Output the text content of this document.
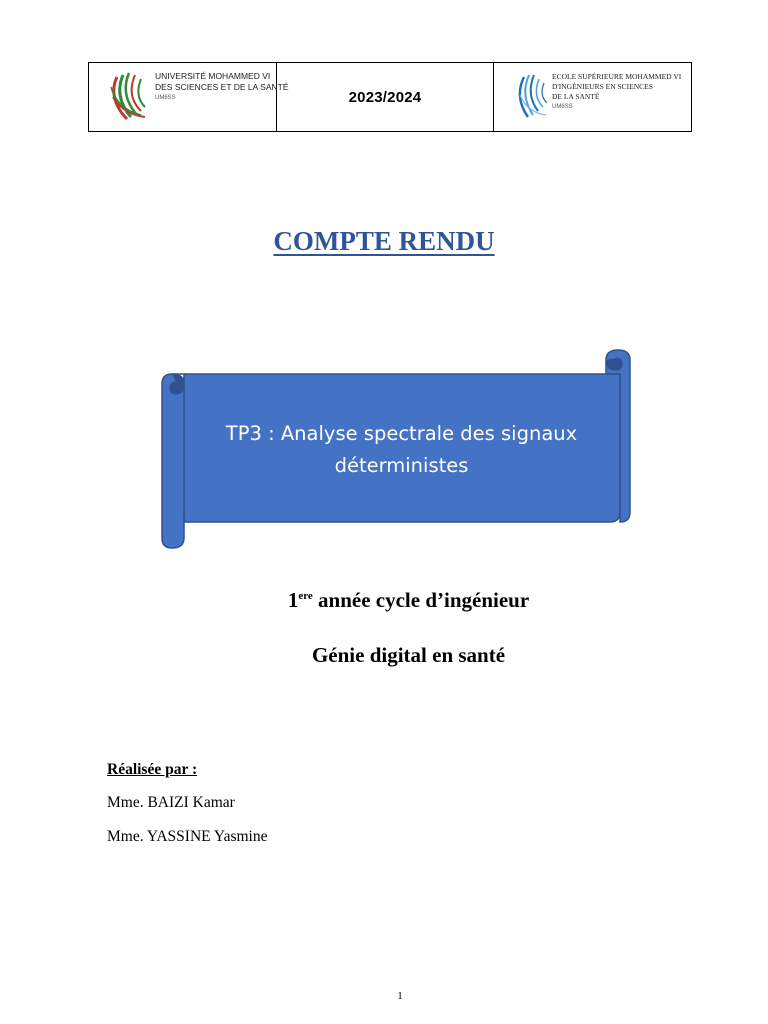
UNIVERSITÉ MOHAMMED VI
DES SCIENCES ET DE LA SANTÉ
UM6SS	2023/2024
ECOLE SUPÉRIEURE MOHAMMED VI
D'INGÉNIEURS EN SCIENCES
DE LA SANTÉ
UM6SS
COMPTE RENDU
TP3 : Analyse spectrale des signaux
déterministes
1ere année cycle d’ingénieur
Génie digital en santé
Réalisée par :
Mme. BAIZI Kamar
Mme. YASSINE Yasmine
1
